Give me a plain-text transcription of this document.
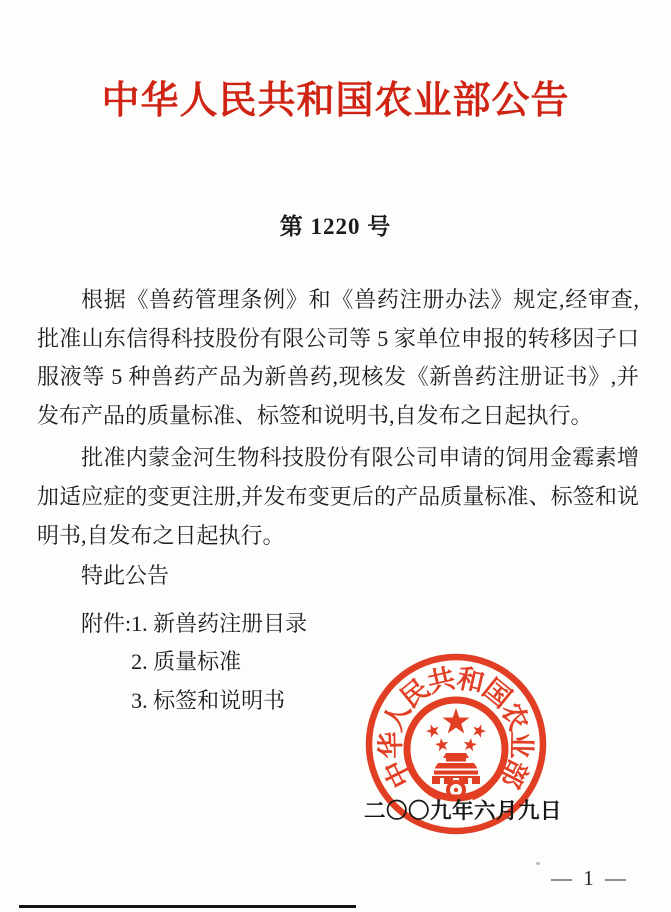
中华人民共和国农业部公告
第 1220 号

根据《兽药管理条例》和《兽药注册办法》规定,经审查,批准山东信得科技股份有限公司等 5 家单位申报的转移因子口服液等 5 种兽药产品为新兽药,现核发《新兽药注册证书》,并发布产品的质量标准、标签和说明书,自发布之日起执行。

批准内蒙金河生物科技股份有限公司申请的饲用金霉素增加适应症的变更注册,并发布变更后的产品质量标准、标签和说明书,自发布之日起执行。

特此公告

附件: 1. 新兽药注册目录
2. 质量标准
3. 标签和说明书
中
华
人
民
共
和
国
农
业
部
二〇〇九年六月九日
— 1 —
